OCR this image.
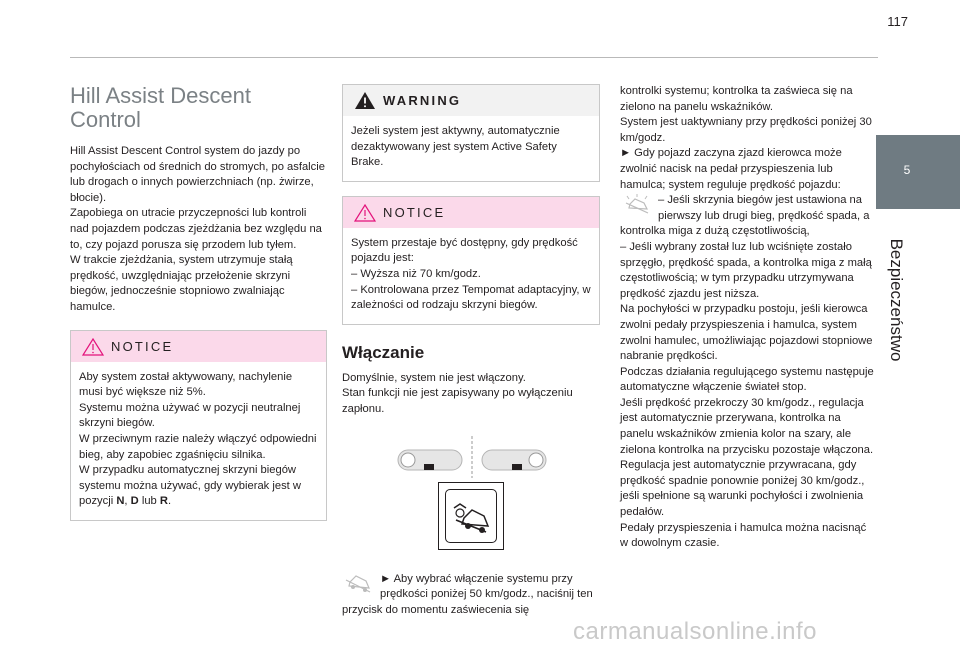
117
5
Bezpieczeństwo
Hill Assist Descent Control

Hill Assist Descent Control system do jazdy po pochyłościach od średnich do stromych, po asfalcie lub drogach o innych powierzchniach (np. żwirze, błocie).

Zapobiega on utracie przyczepności lub kontroli nad pojazdem podczas zjeżdżania bez względu na to, czy pojazd porusza się przodem lub tyłem.

W trakcie zjeżdżania, system utrzymuje stałą prędkość, uwzględniając przełożenie skrzyni biegów, jednocześnie stopniowo zwalniając hamulce.

NOTICE

Aby system został aktywowany, nachylenie musi być większe niż 5%.

Systemu można używać w pozycji neutralnej skrzyni biegów.

W przeciwnym razie należy włączyć odpowiedni bieg, aby zapobiec zgaśnięciu silnika.

W przypadku automatycznej skrzyni biegów systemu można używać, gdy wybierak jest w pozycji N, D lub R.

WARNING
Jeżeli system jest aktywny, automatycznie dezaktywowany jest system Active Safety Brake.
NOTICE

System przestaje być dostępny, gdy prędkość pojazdu jest:

– Wyższa niż 70 km/godz.

– Kontrolowana przez Tempomat adaptacyjny, w zależności od rodzaju skrzyni biegów.

Włączanie

Domyślnie, system nie jest włączony.

Stan funkcji nie jest zapisywany po wyłączeniu zapłonu.

► Aby wybrać włączenie systemu przy prędkości poniżej 50 km/godz., naciśnij ten przycisk do momentu zaświecenia się

kontrolki systemu; kontrolka ta zaświeca się na zielono na panelu wskaźników.

System jest uaktywniany przy prędkości poniżej 30 km/godz.

► Gdy pojazd zaczyna zjazd kierowca może zwolnić nacisk na pedał przyspieszenia lub hamulca; system reguluje prędkość pojazdu:

– Jeśli skrzynia biegów jest ustawiona na pierwszy lub drugi bieg, prędkość spada, a kontrolka miga z dużą częstotliwością,

– Jeśli wybrany został luz lub wciśnięte zostało sprzęgło, prędkość spada, a kontrolka miga z małą częstotliwością; w tym przypadku utrzymywana prędkość zjazdu jest niższa.

Na pochyłości w przypadku postoju, jeśli kierowca zwolni pedały przyspieszenia i hamulca, system zwolni hamulec, umożliwiając pojazdowi stopniowe nabranie prędkości.

Podczas działania regulującego systemu następuje automatyczne włączenie świateł stop.

Jeśli prędkość przekroczy 30 km/godz., regulacja jest automatycznie przerywana, kontrolka na panelu wskaźników zmienia kolor na szary, ale zielona kontrolka na przycisku pozostaje włączona.

Regulacja jest automatycznie przywracana, gdy prędkość spadnie ponownie poniżej 30 km/godz., jeśli spełnione są warunki pochyłości i zwolnienia pedałów.

Pedały przyspieszenia i hamulca można nacisnąć w dowolnym czasie.

carmanualsonline.info
